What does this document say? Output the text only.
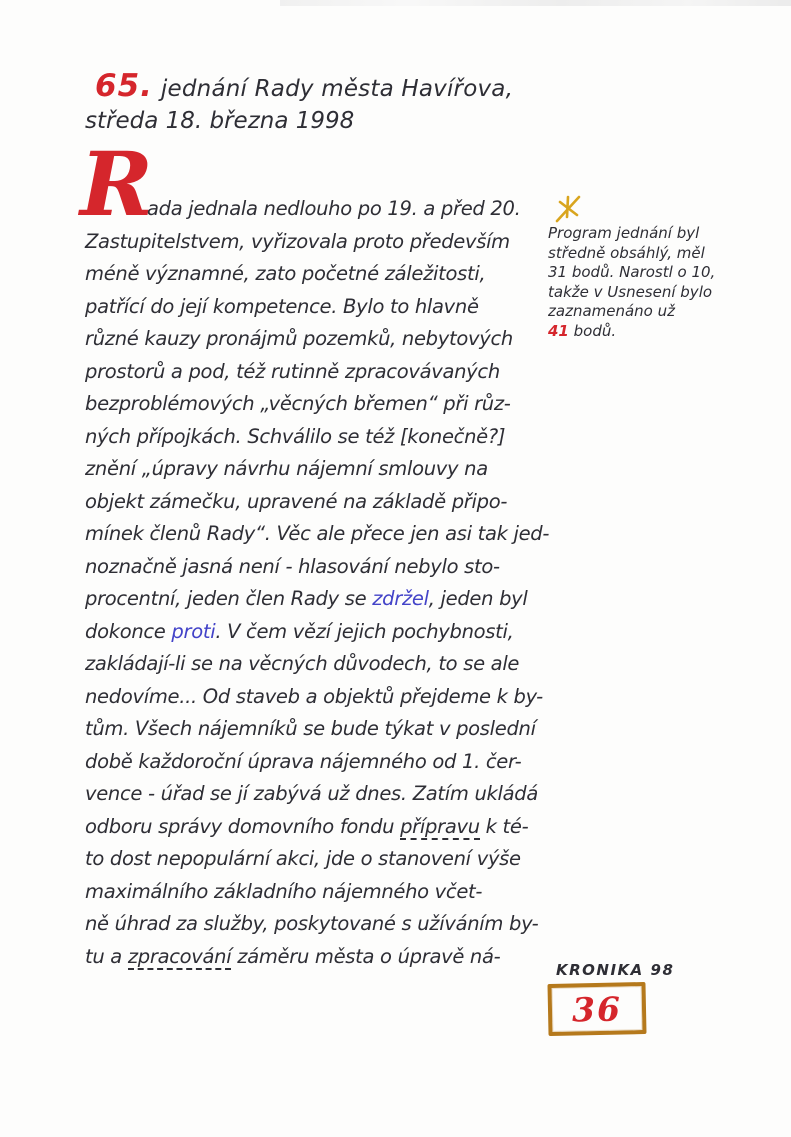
65. jednání Rady města Havířova,
středa 18. března 1998
R
ada jednala nedlouho po 19. a před 20.
Zastupitelstvem, vyřizovala proto především
méně významné, zato početné záležitosti,
patřící do její kompetence. Bylo to hlavně
různé kauzy pronájmů pozemků, nebytových
prostorů a pod, též rutinně zpracovávaných
bezproblémových „věcných břemen“ při růz-
ných přípojkách. Schválilo se též [konečně?]
znění „úpravy návrhu nájemní smlouvy na
objekt zámečku, upravené na základě připo-
mínek členů Rady“. Věc ale přece jen asi tak jed-
noznačně jasná není - hlasování nebylo sto-
procentní, jeden člen Rady se zdržel, jeden byl
dokonce proti. V čem vězí jejich pochybnosti,
zakládají-li se na věcných důvodech, to se ale
nedovíme... Od staveb a objektů přejdeme k by-
tům. Všech nájemníků se bude týkat v poslední
době každoroční úprava nájemného od 1. čer-
vence - úřad se jí zabývá už dnes. Zatím ukládá
odboru správy domovního fondu přípravu k té-
to dost nepopulární akci, jde o stanovení výše
maximálního základního nájemného včet-
ně úhrad za služby, poskytované s užíváním by-
tu a zpracování záměru města o úpravě ná-
Program jednání byl
středně obsáhlý, měl
31 bodů. Narostl o 10,
takže v Usnesení bylo
zaznamenáno už
41 bodů.
KRONIKA 98
36
